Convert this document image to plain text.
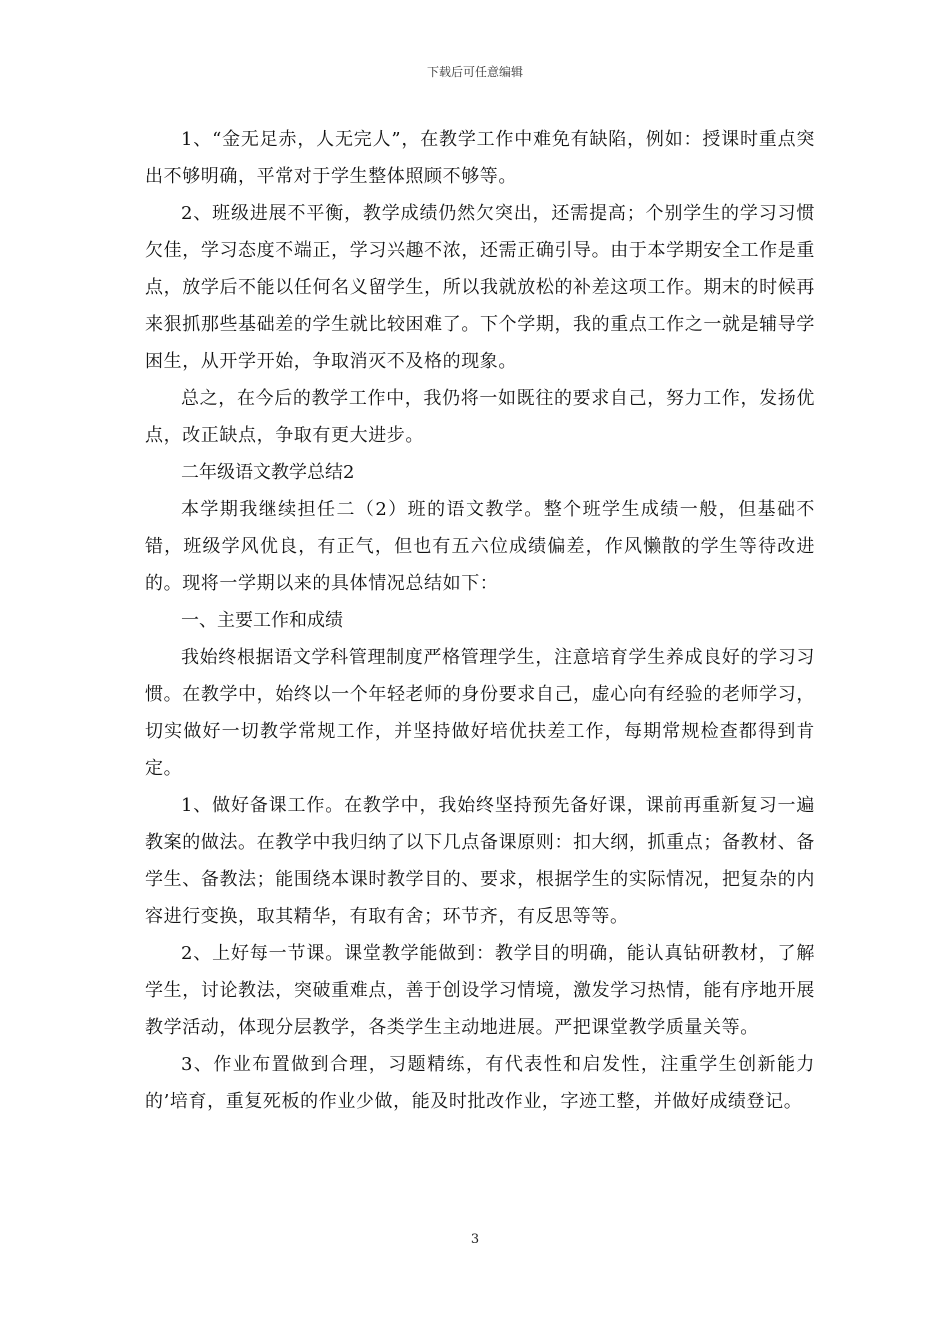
下载后可任意编辑

1、“金无足赤，人无完人”，在教学工作中难免有缺陷，例如：授课时重点突出不够明确，平常对于学生整体照顾不够等。

2、班级进展不平衡，教学成绩仍然欠突出，还需提高；个别学生的学习习惯欠佳，学习态度不端正，学习兴趣不浓，还需正确引导。由于本学期安全工作是重点，放学后不能以任何名义留学生，所以我就放松的补差这项工作。期末的时候再来狠抓那些基础差的学生就比较困难了。下个学期，我的重点工作之一就是辅导学困生，从开学开始，争取消灭不及格的现象。

总之，在今后的教学工作中，我仍将一如既往的要求自己，努力工作，发扬优点，改正缺点，争取有更大进步。

二年级语文教学总结2

本学期我继续担任二（2）班的语文教学。整个班学生成绩一般，但基础不错，班级学风优良，有正气，但也有五六位成绩偏差，作风懒散的学生等待改进的。现将一学期以来的具体情况总结如下：

一、主要工作和成绩

我始终根据语文学科管理制度严格管理学生，注意培育学生养成良好的学习习惯。在教学中，始终以一个年轻老师的身份要求自己，虚心向有经验的老师学习，切实做好一切教学常规工作，并坚持做好培优扶差工作，每期常规检查都得到肯定。

1、做好备课工作。在教学中，我始终坚持预先备好课，课前再重新复习一遍教案的做法。在教学中我归纳了以下几点备课原则：扣大纲，抓重点；备教材、备学生、备教法；能围绕本课时教学目的、要求，根据学生的实际情况，把复杂的内容进行变换，取其精华，有取有舍；环节齐，有反思等等。

2、上好每一节课。课堂教学能做到：教学目的明确，能认真钻研教材，了解学生，讨论教法，突破重难点，善于创设学习情境，激发学习热情，能有序地开展教学活动，体现分层教学，各类学生主动地进展。严把课堂教学质量关等。

3、作业布置做到合理，习题精练，有代表性和启发性，注重学生创新能力的’培育，重复死板的作业少做，能及时批改作业，字迹工整，并做好成绩登记。

3
